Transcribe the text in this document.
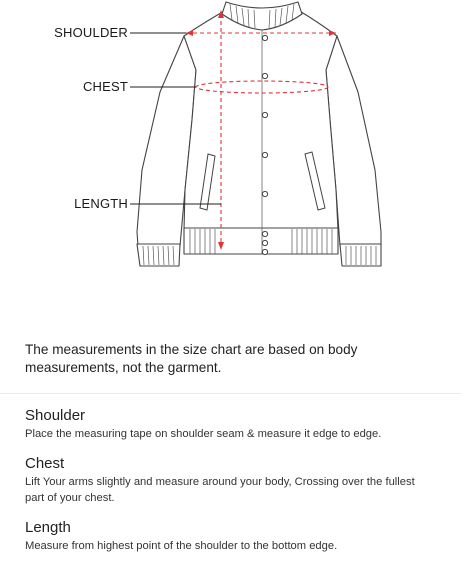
SHOULDER
CHEST
LENGTH
The measurements in the size chart are based on body measurements, not the garment.
Shoulder
Place the measuring tape on shoulder seam & measure it edge to edge.
Chest
Lift Your arms slightly and measure around your body, Crossing over the fullest part of your chest.
Length
Measure from highest point of the shoulder to the bottom edge.
